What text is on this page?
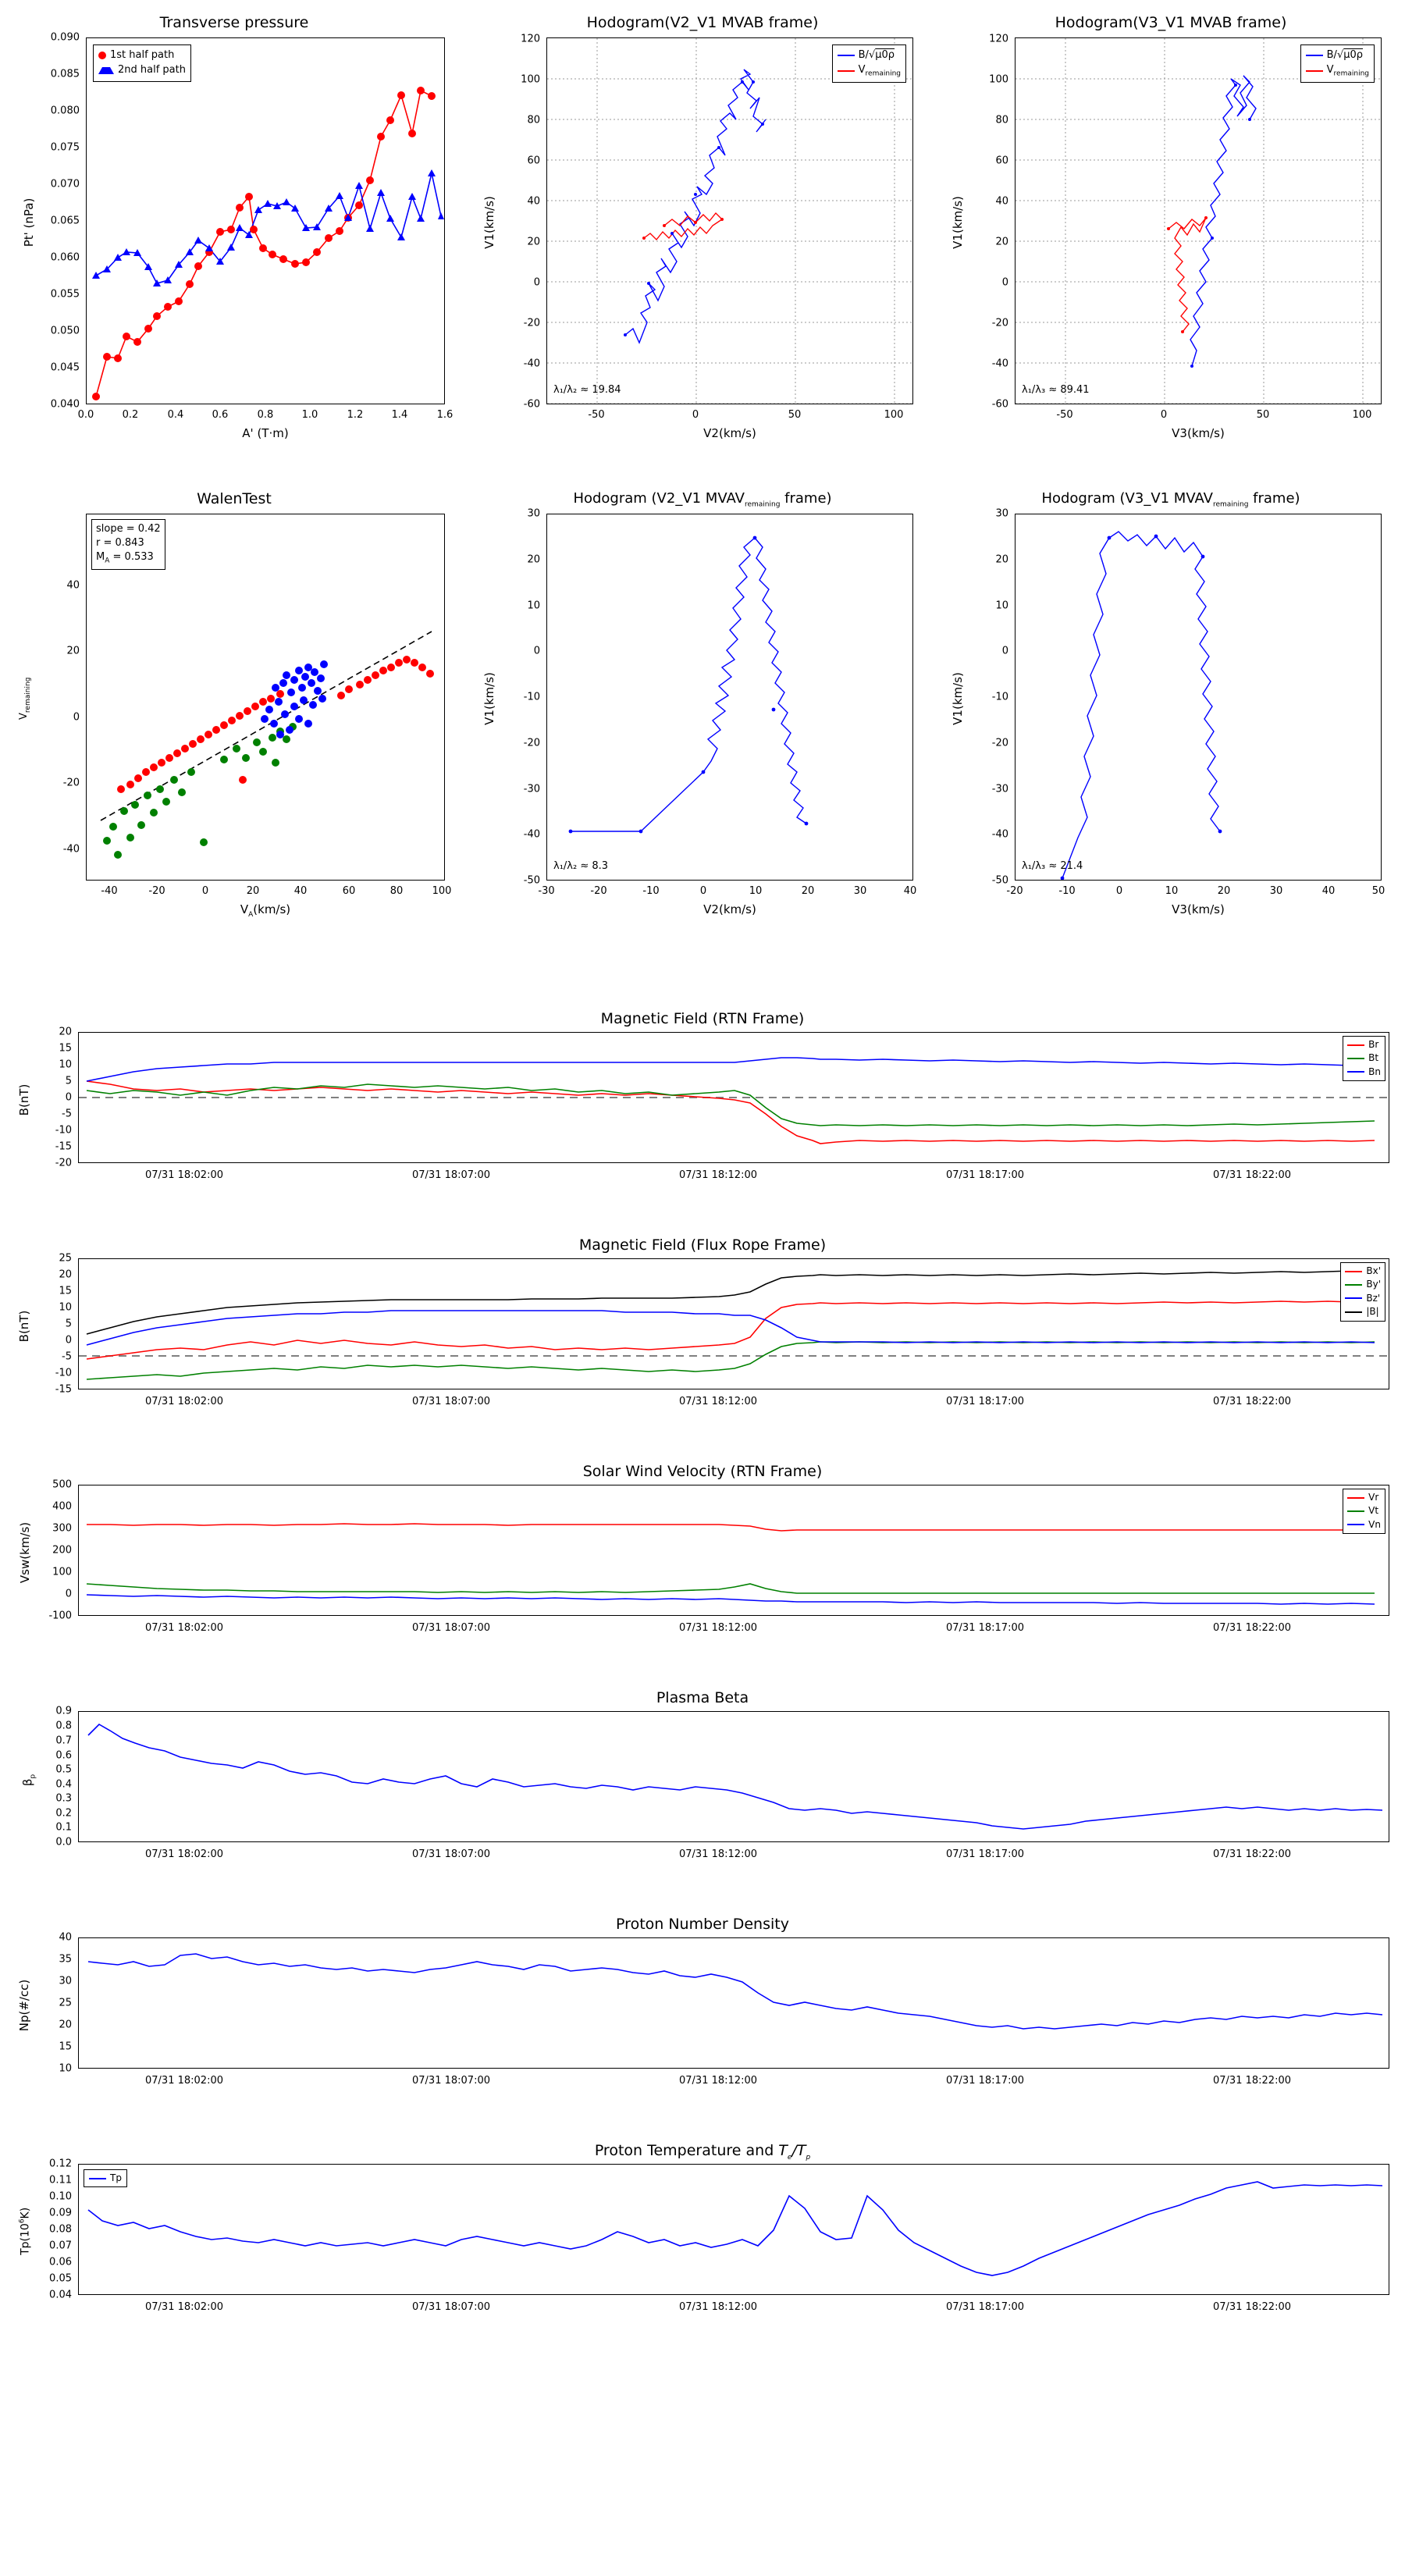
Transverse pressure
1st half path
2nd half path
0.040
0.045
0.050
0.055
0.060
0.065
0.070
0.075
0.080
0.085
0.090
0.0	0.2	0.4	0.6	0.8	1.0	1.2	1.4	1.6
A' (T·m)
Pt' (nPa)
Hodogram(V2_V1 MVAB frame)
B/√μ0ρ
$V_{remaining}$
λ₁/λ₂ ≈ 19.84
-60
-40
-20
0
20
40
60
80
100
120
-50	0	50	100
V2(km/s)
V1(km/s)
Hodogram(V3_V1 MVAB frame)
B/√μ0ρ
$V_{remaining}$
λ₁/λ₃ ≈ 89.41
-60
-40
-20
0
20
40
60
80
100
120
-50	0	50	100
V3(km/s)
V1(km/s)
WalenTest
slope = 0.42
r = 0.843
$M_A = 0.533$
-40
-20
0
20
40
-40	-20	0	20	40	60	80	100
$V_A(km/s)$
$V_{remaining}$
Hodogram (V2_V1 $MVAV_{remaining}$ frame)
λ₁/λ₂ ≈ 8.3
-50
-40
-30
-20
-10
0
10
20
30
-30	-20	-10	0	10	20	30	40
V2(km/s)
V1(km/s)
Hodogram (V3_V1 $MVAV_{remaining}$ frame)
λ₁/λ₃ ≈ 21.4
-50
-40
-30
-20
-10
0
10
20
30
-20	-10	0	10	20	30	40	50
V3(km/s)
V1(km/s)
Magnetic Field (RTN Frame)
Br
Bt
Bn
-20
-15
-10
-5
0
5
10
15
20
07/31 18:02:00	07/31 18:07:00	07/31 18:12:00	07/31 18:17:00	07/31 18:22:00
B(nT)
Magnetic Field (Flux Rope Frame)
Bx'
By'
Bz'
|B|
-15
-10
-5
0
5
10
15
20
25
07/31 18:02:00	07/31 18:07:00	07/31 18:12:00	07/31 18:17:00	07/31 18:22:00
B(nT)
Solar Wind Velocity (RTN Frame)
Vr
Vt
Vn
-100
0
100
200
300
400
500
07/31 18:02:00	07/31 18:07:00	07/31 18:12:00	07/31 18:17:00	07/31 18:22:00
Vsw(km/s)
Plasma Beta
0.0
0.1
0.2
0.3
0.4
0.5
0.6
0.7
0.8
0.9
07/31 18:02:00	07/31 18:07:00	07/31 18:12:00	07/31 18:17:00	07/31 18:22:00
$\beta_p$
Proton Number Density
10
15
20
25
30
35
40
07/31 18:02:00	07/31 18:07:00	07/31 18:12:00	07/31 18:17:00	07/31 18:22:00
Np(#/cc)
Proton Temperature and $T_e/T_p$
Tp
0.04
0.05
0.06
0.07
0.08
0.09
0.10
0.11
0.12
07/31 18:02:00	07/31 18:07:00	07/31 18:12:00	07/31 18:17:00	07/31 18:22:00
$Tp(10^6K)$
